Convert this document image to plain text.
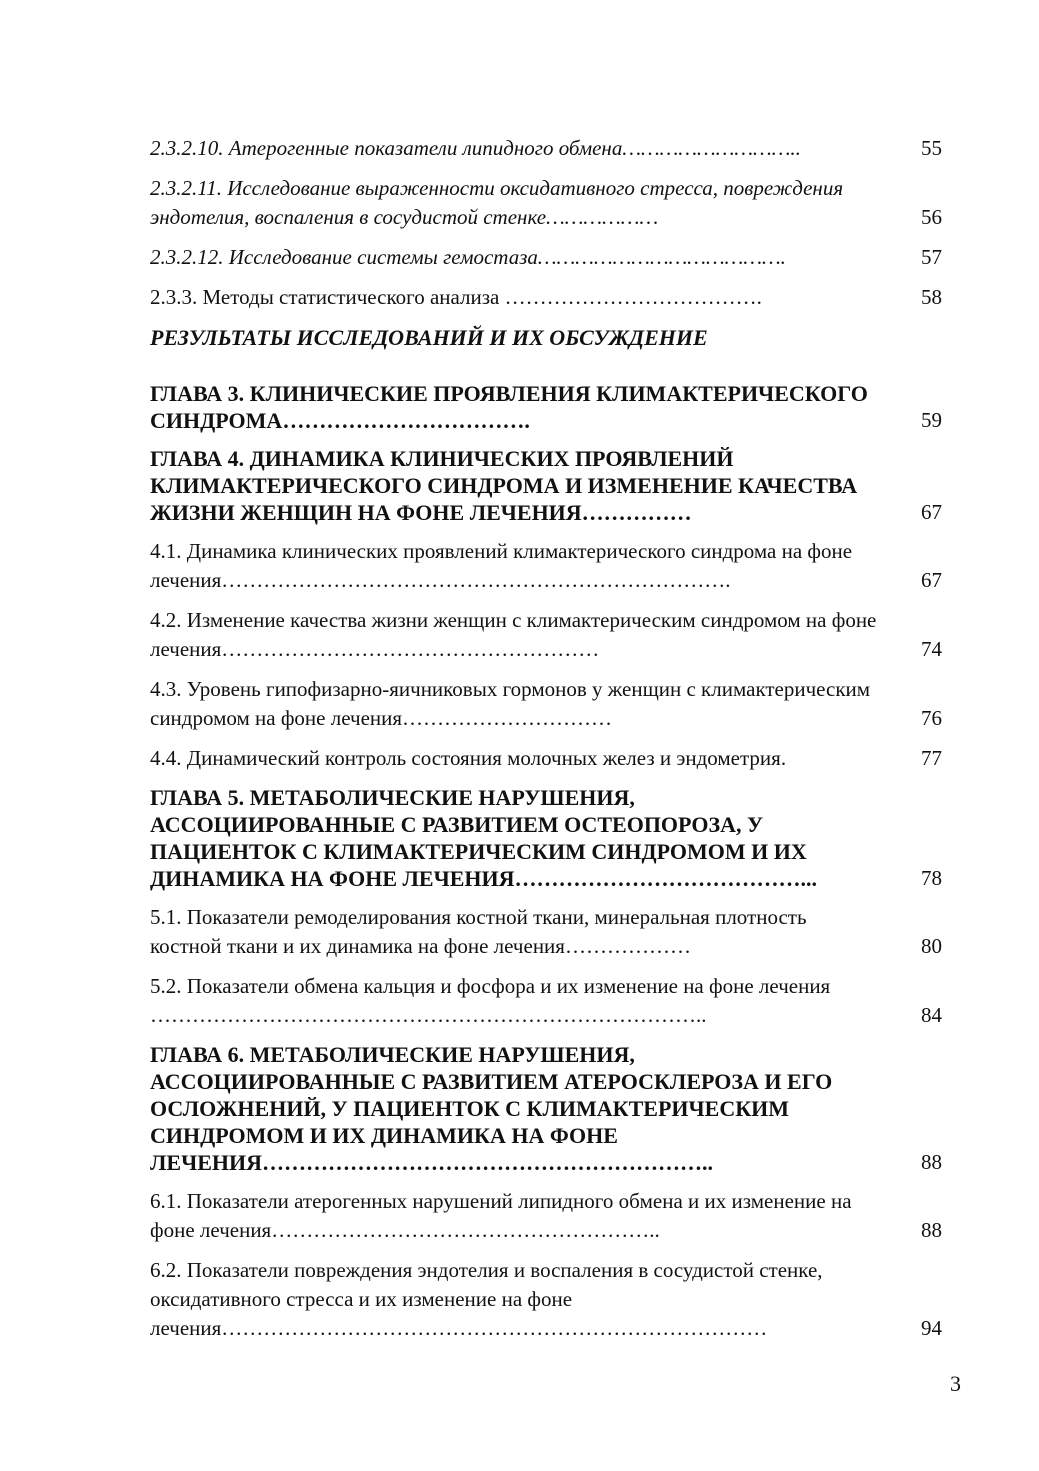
2.3.2.10. Атерогенные показатели липидного обмена………………………..	55
2.3.2.11. Исследование выраженности оксидативного стресса, повреждения эндотелия, воспаления в сосудистой стенке………………	56
2.3.2.12. Исследование системы гемостаза………………………………….	57
2.3.3. Методы статистического анализа ……………………………….	58
РЕЗУЛЬТАТЫ ИССЛЕДОВАНИЙ И ИХ ОБСУЖДЕНИЕ
ГЛАВА 3. КЛИНИЧЕСКИЕ ПРОЯВЛЕНИЯ КЛИМАКТЕРИЧЕСКОГО СИНДРОМА…………………………….	59
ГЛАВА 4. ДИНАМИКА КЛИНИЧЕСКИХ ПРОЯВЛЕНИЙ КЛИМАКТЕРИЧЕСКОГО СИНДРОМА И ИЗМЕНЕНИЕ КАЧЕСТВА ЖИЗНИ ЖЕНЩИН НА ФОНЕ ЛЕЧЕНИЯ……………	67
4.1. Динамика клинических проявлений климактерического синдрома на фоне лечения……………………………………………………………….	67
4.2. Изменение качества жизни женщин с климактерическим синдромом на фоне лечения………………………………………………	74
4.3. Уровень гипофизарно-яичниковых гормонов у женщин с климактерическим синдромом на фоне лечения…………………………	76
4.4. Динамический контроль состояния молочных желез и эндометрия.	77
ГЛАВА 5. МЕТАБОЛИЧЕСКИЕ НАРУШЕНИЯ, АССОЦИИРОВАННЫЕ С РАЗВИТИЕМ ОСТЕОПОРОЗА, У ПАЦИЕНТОК С КЛИМАКТЕРИЧЕСКИМ СИНДРОМОМ И ИХ ДИНАМИКА НА ФОНЕ ЛЕЧЕНИЯ…………………………………...	78
5.1. Показатели ремоделирования костной ткани, минеральная плотность костной ткани и их динамика на фоне лечения………………	80
5.2. Показатели обмена кальция и фосфора и их изменение на фоне лечения ……………………………………………………………………..	84
ГЛАВА 6. МЕТАБОЛИЧЕСКИЕ НАРУШЕНИЯ, АССОЦИИРОВАННЫЕ С РАЗВИТИЕМ АТЕРОСКЛЕРОЗА И ЕГО ОСЛОЖНЕНИЙ, У ПАЦИЕНТОК С КЛИМАКТЕРИЧЕСКИМ СИНДРОМОМ И ИХ ДИНАМИКА НА ФОНЕ ЛЕЧЕНИЯ……………………………………………………..	88
6.1. Показатели атерогенных нарушений липидного обмена и их изменение на фоне лечения………………………………………………..	88
6.2. Показатели повреждения эндотелия и воспаления в сосудистой стенке, оксидативного стресса и их изменение на фоне лечения……………………………………………………………………	94
3
